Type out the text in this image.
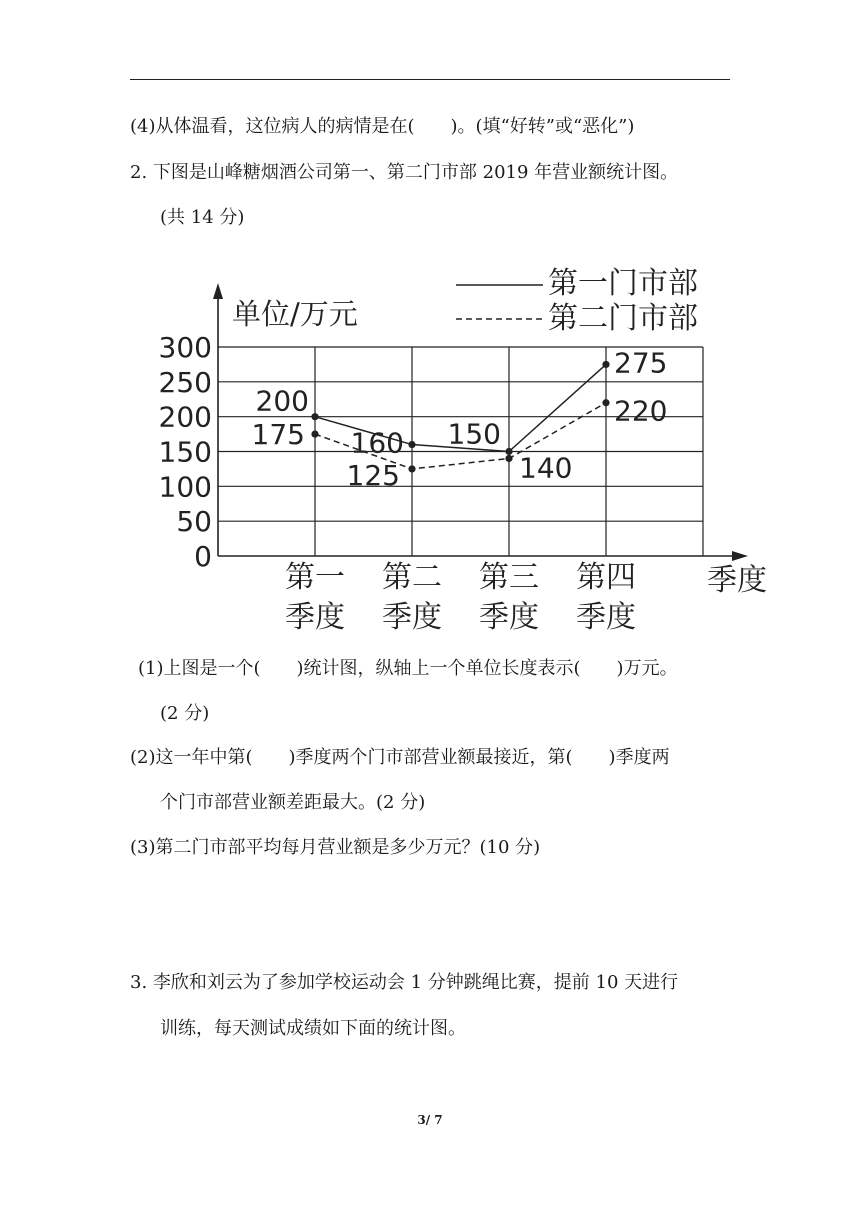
(4)从体温看，这位病人的病情是在(　　)。(填“好转”或“恶化”)
2. 下图是山峰糖烟酒公司第一、第二门市部 2019 年营业额统计图。
(共 14 分)
0
50
100
150
200
250
300
单位/万元
第一
季度
第二
季度
第三
季度
第四
季度
季度
第一门市部
第二门市部
200
160 150
275
175
125	140
220
(1)上图是一个(　　)统计图，纵轴上一个单位长度表示(　　)万元。
(2 分)
(2)这一年中第(　　)季度两个门市部营业额最接近，第(　　)季度两
个门市部营业额差距最大。(2 分)
(3)第二门市部平均每月营业额是多少万元？(10 分)
3. 李欣和刘云为了参加学校运动会 1 分钟跳绳比赛，提前 10 天进行
训练，每天测试成绩如下面的统计图。
3/ 7
